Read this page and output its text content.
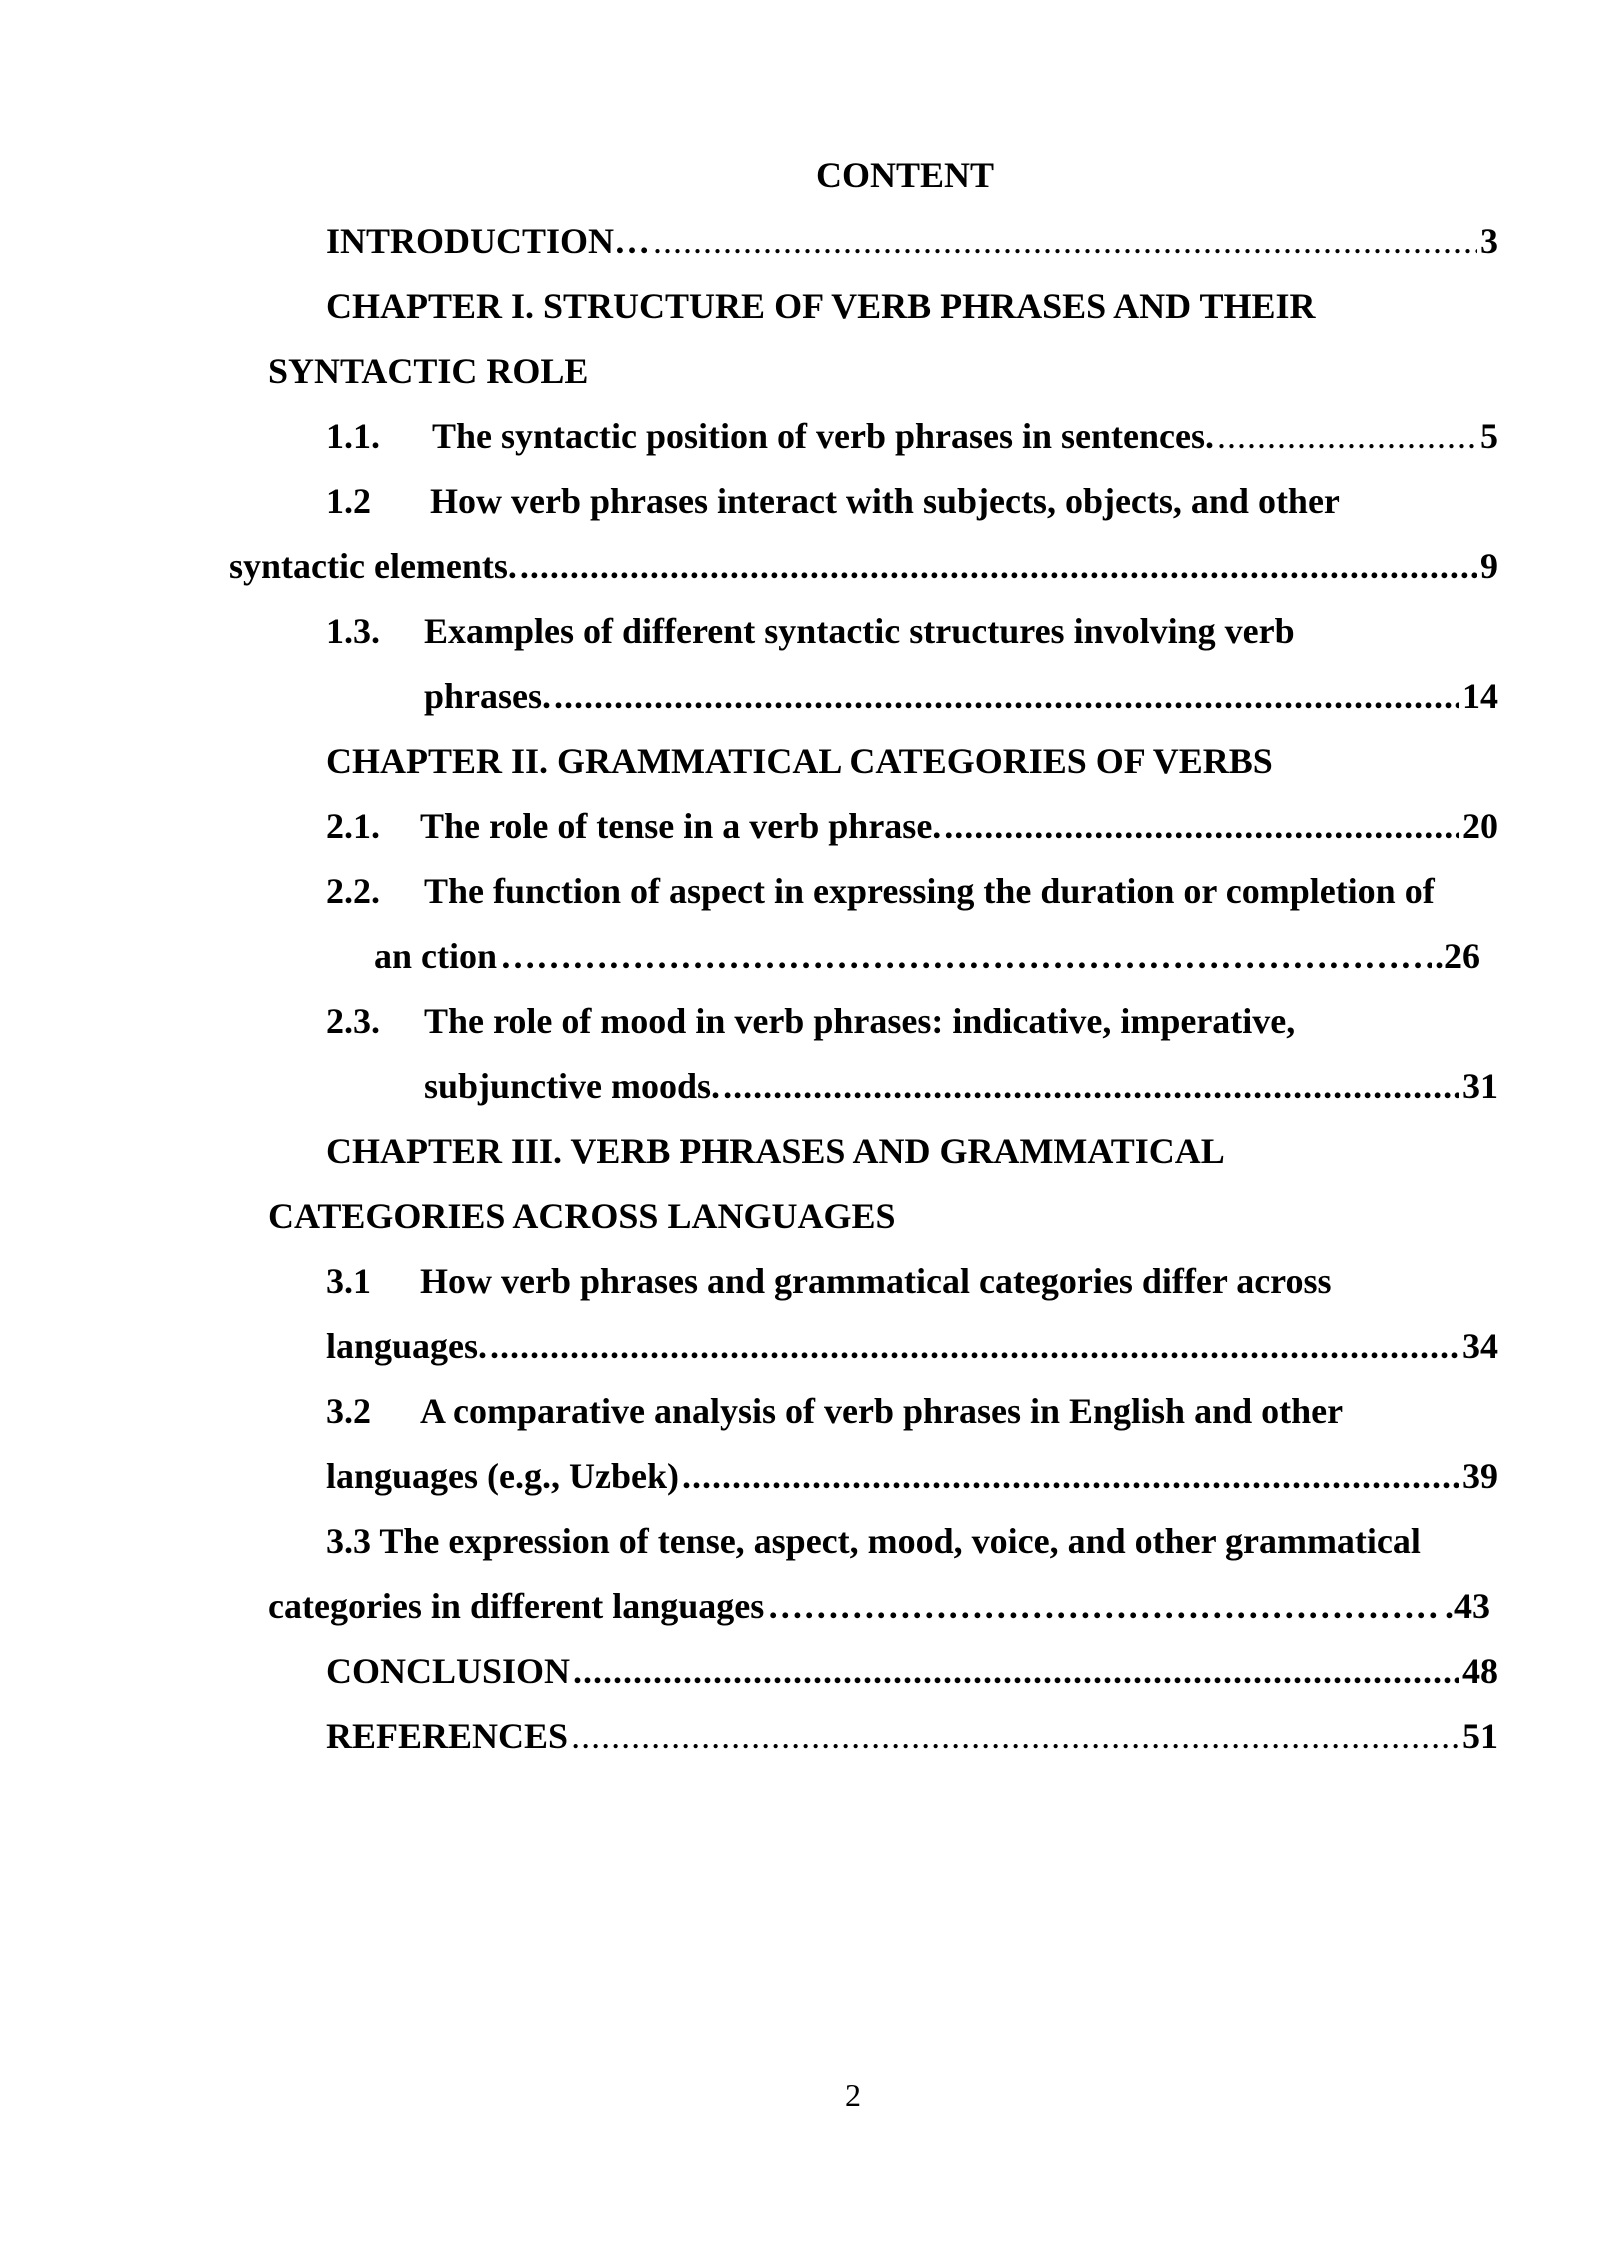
CONTENT
INTRODUCTION… .....	3
CHAPTER I. STRUCTURE OF VERB PHRASES AND THEIR
SYNTACTIC ROLE
1.1. The syntactic position of verb phrases in sentences. .....	5
1.2 How verb phrases interact with subjects, objects, and other
syntactic elements. .....	9
1.3. Examples of different syntactic structures involving verb
phrases. .....	14
CHAPTER II. GRAMMATICAL CATEGORIES OF VERBS
2.1. The role of tense in a verb phrase. .....	20
2.2. The function of aspect in expressing the duration or completion of
an ction ……………………………………………………………………………………………………………………………………	.26
2.3. The role of mood in verb phrases: indicative, imperative,
subjunctive moods. .....	31
CHAPTER III. VERB PHRASES AND GRAMMATICAL
CATEGORIES ACROSS LANGUAGES
3.1 How verb phrases and grammatical categories differ across
languages. .....	34
3.2 A comparative analysis of verb phrases in English and other
languages (e.g., Uzbek) .....	39
3.3 The expression of tense, aspect, mood, voice, and other grammatical
categories in different languages ……………………………………………………………………………………………………………………………………	.43
CONCLUSION .....	48
REFERENCES .....	51
2
